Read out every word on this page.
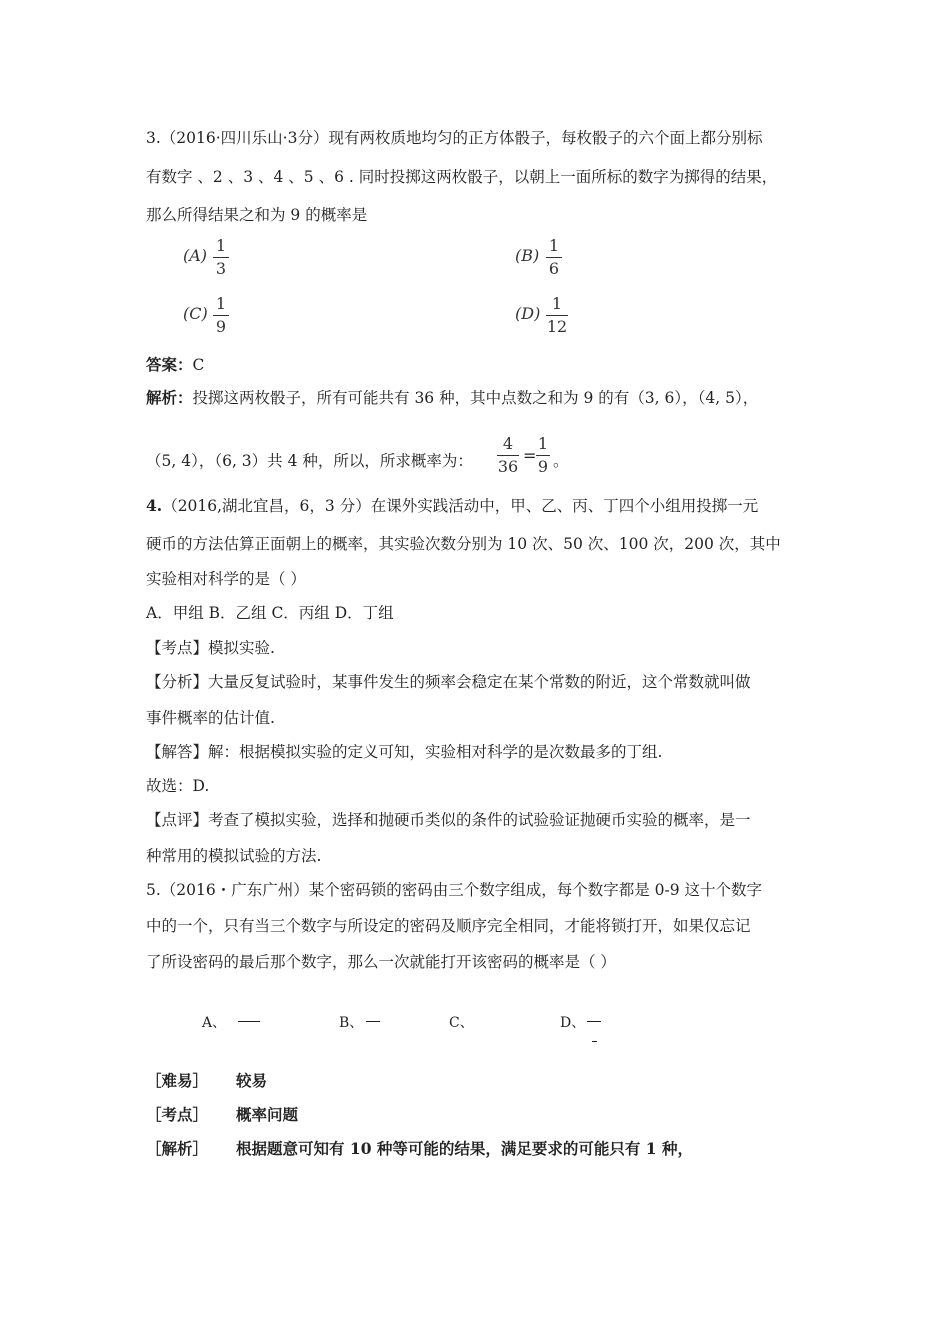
3.（2016·四川乐山·3分）现有两枚质地均匀的正方体骰子，每枚骰子的六个面上都分别标
有数字 、2 、3 、4 、5 、6 . 同时投掷这两枚骰子，以朝上一面所标的数字为掷得的结果，
那么所得结果之和为 9 的概率是
(A)
1
3
(B)
1
6
(C)
1
9
(D)
1
12
答案：C
解析：投掷这两枚骰子，所有可能共有 36 种，其中点数之和为 9 的有（3, 6），（4, 5），
（5, 4），（6, 3）共 4 种，所以，所求概率为：
4
36
=
1
9 。
4.（2016,湖北宜昌，6，3 分）在课外实践活动中，甲、乙、丙、丁四个小组用投掷一元
硬币的方法估算正面朝上的概率，其实验次数分别为 10 次、50 次、100 次，200 次，其中
实验相对科学的是（ ）
A．甲组 B．乙组 C．丙组 D．丁组
【考点】模拟实验.
【分析】大量反复试验时，某事件发生的频率会稳定在某个常数的附近，这个常数就叫做
事件概率的估计值.
【解答】解：根据模拟实验的定义可知，实验相对科学的是次数最多的丁组.
故选：D.
【点评】考查了模拟实验，选择和抛硬币类似的条件的试验验证抛硬币实验的概率，是一
种常用的模拟试验的方法.
5.（2016・广东广州）某个密码锁的密码由三个数字组成，每个数字都是 0-9 这十个数字
中的一个，只有当三个数字与所设定的密码及顺序完全相同，才能将锁打开，如果仅忘记
了所设密码的最后那个数字，那么一次就能打开该密码的概率是（ ）
A、	B、	C、	D、
［难易］ 较易
［考点］ 概率问题
［解析］ 根据题意可知有 10 种等可能的结果，满足要求的可能只有 1 种，
